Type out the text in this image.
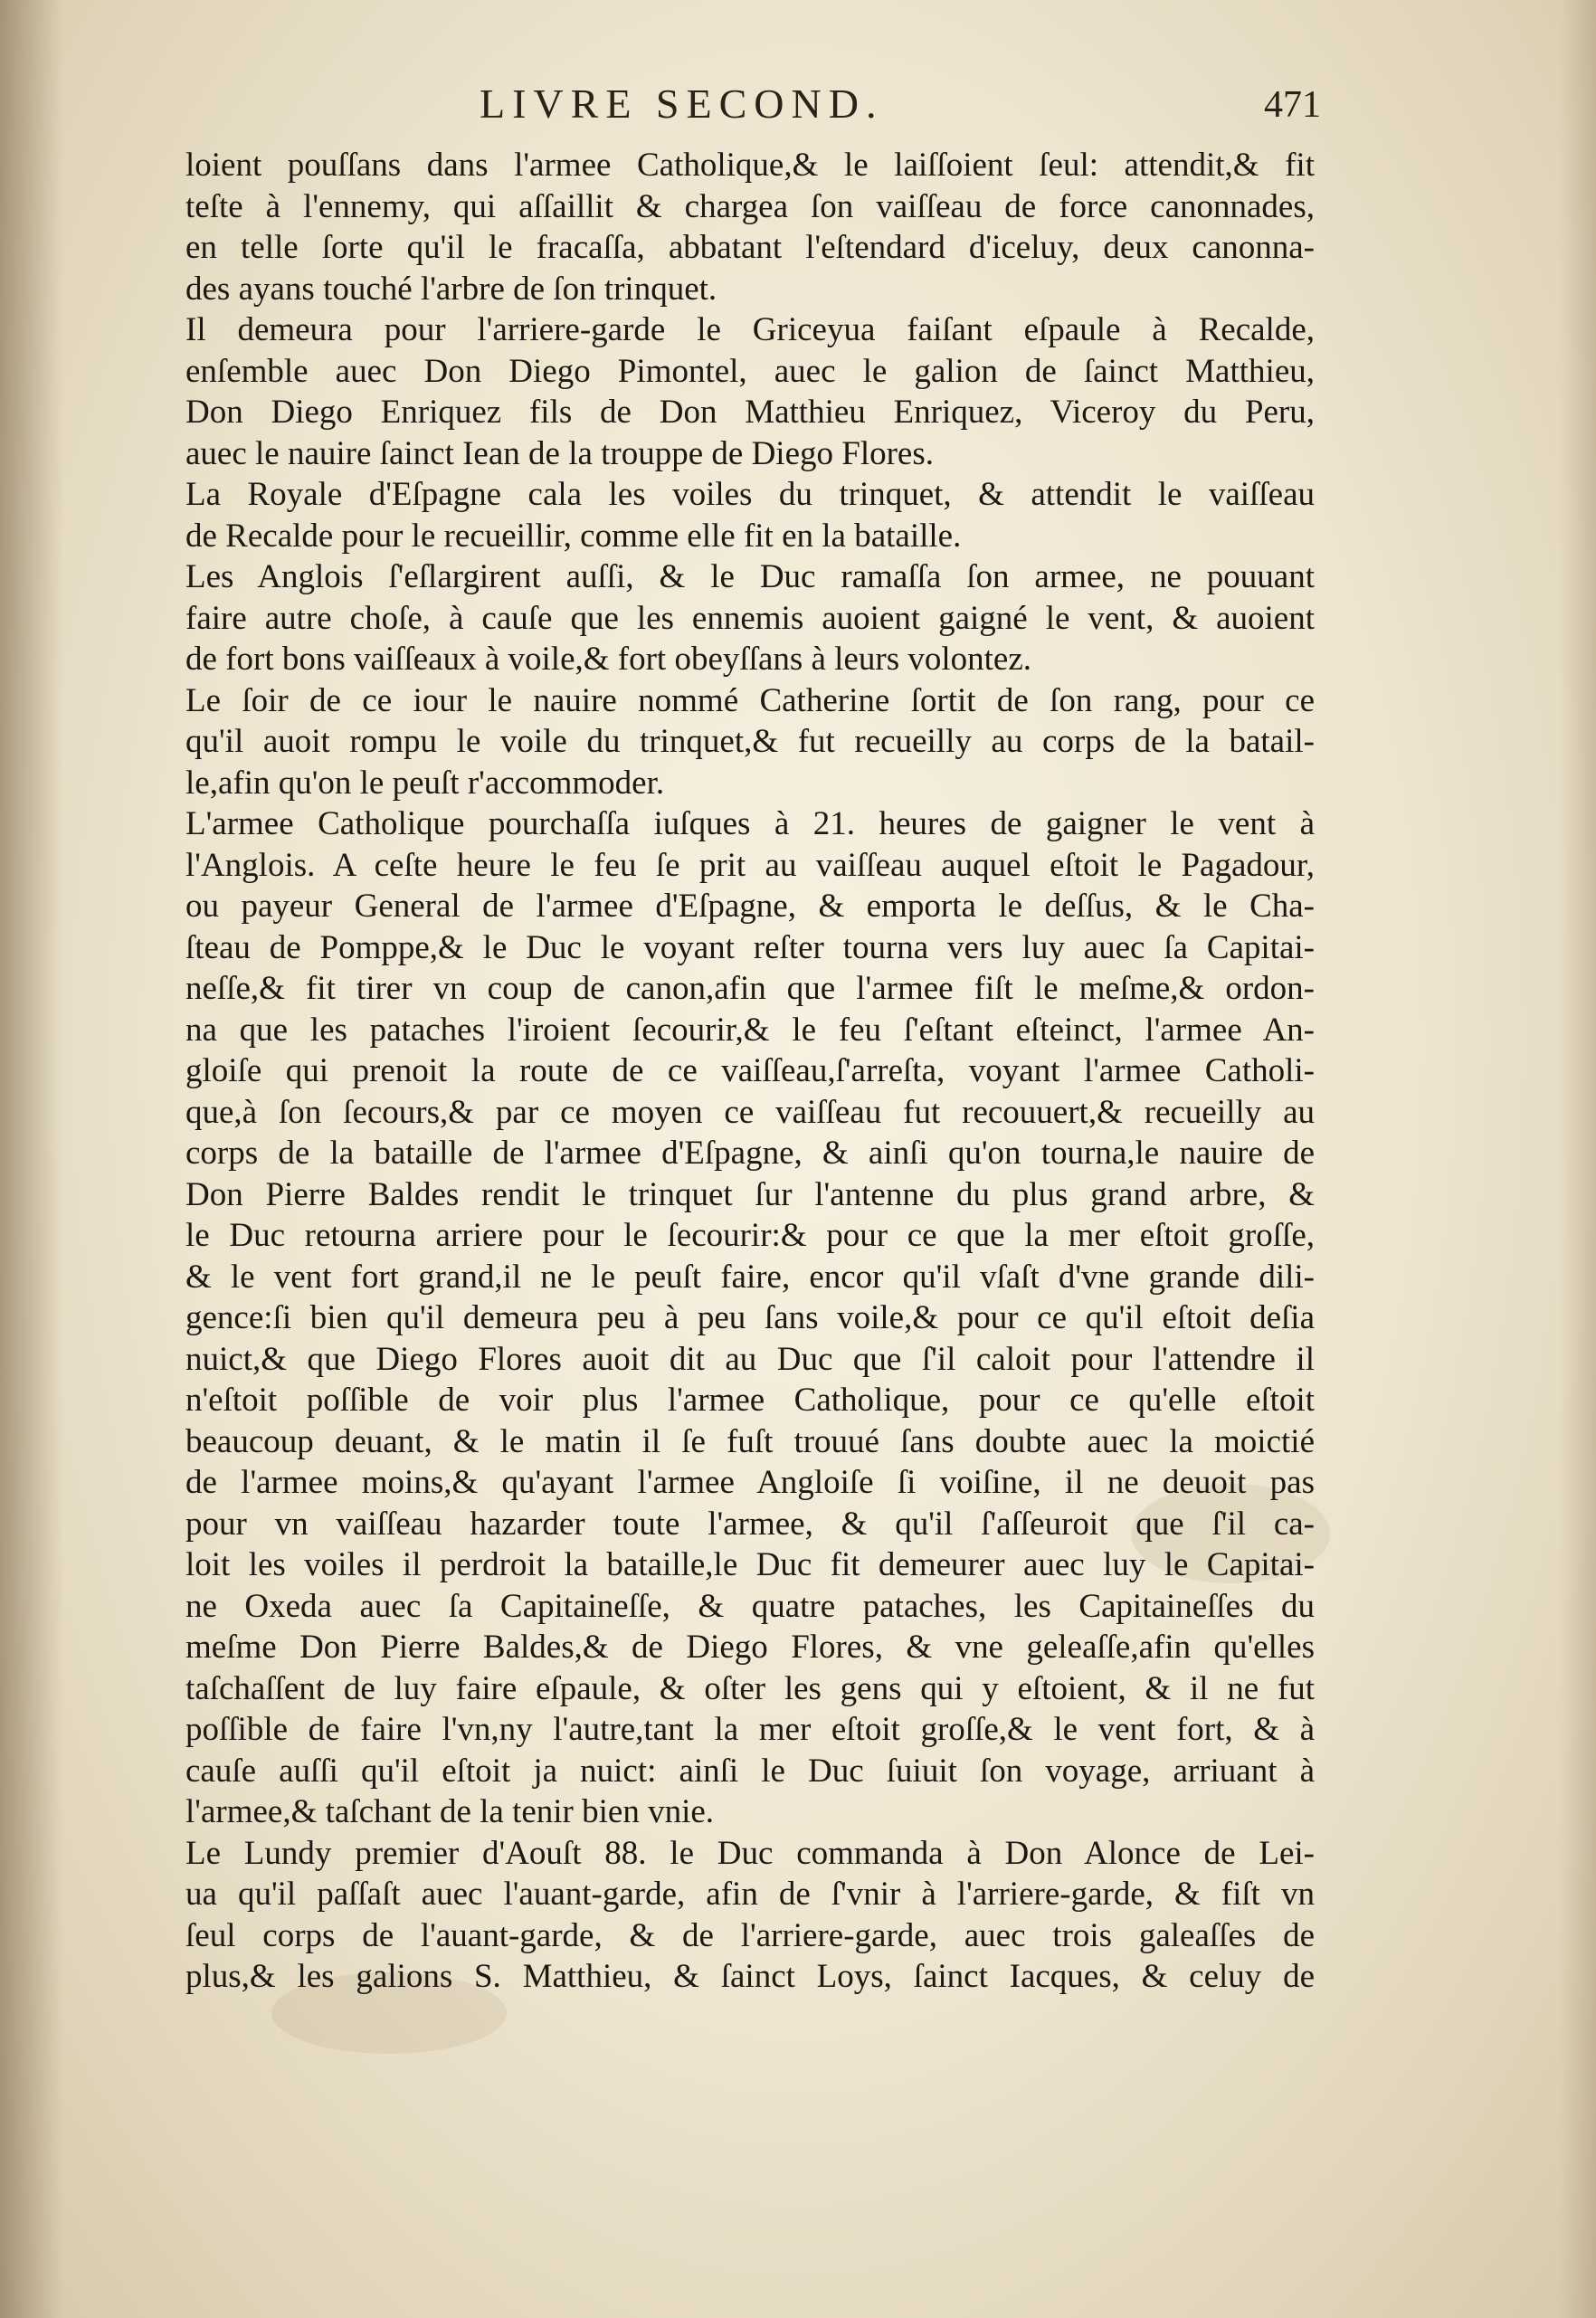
LIVRE SECOND.	471
loient pouſſans dans l'armee Catholique,& le laiſſoient ſeul: attendit,& fit
teſte à l'ennemy, qui aſſaillit & chargea ſon vaiſſeau de force canonnades,
en telle ſorte qu'il le fracaſſa, abbatant l'eſtendard d'iceluy, deux canonna-
des ayans touché l'arbre de ſon trinquet.
Il demeura pour l'arriere-garde le Griceyua faiſant eſpaule à Recalde,
enſemble auec Don Diego Pimontel, auec le galion de ſainct Matthieu,
Don Diego Enriquez fils de Don Matthieu Enriquez, Viceroy du Peru,
auec le nauire ſainct Iean de la trouppe de Diego Flores.
La Royale d'Eſpagne cala les voiles du trinquet, & attendit le vaiſſeau
de Recalde pour le recueillir, comme elle fit en la bataille.
Les Anglois ſ'eſlargirent auſſi, & le Duc ramaſſa ſon armee, ne pouuant
faire autre choſe, à cauſe que les ennemis auoient gaigné le vent, & auoient
de fort bons vaiſſeaux à voile,& fort obeyſſans à leurs volontez.
Le ſoir de ce iour le nauire nommé Catherine ſortit de ſon rang, pour ce
qu'il auoit rompu le voile du trinquet,& fut recueilly au corps de la batail-
le,afin qu'on le peuſt r'accommoder.
L'armee Catholique pourchaſſa iuſques à 21. heures de gaigner le vent à
l'Anglois. A ceſte heure le feu ſe prit au vaiſſeau auquel eſtoit le Pagadour,
ou payeur General de l'armee d'Eſpagne, & emporta le deſſus, & le Cha-
ſteau de Pomppe,& le Duc le voyant reſter tourna vers luy auec ſa Capitai-
neſſe,& fit tirer vn coup de canon,afin que l'armee fiſt le meſme,& ordon-
na que les pataches l'iroient ſecourir,& le feu ſ'eſtant eſteinct, l'armee An-
gloiſe qui prenoit la route de ce vaiſſeau,ſ'arreſta, voyant l'armee Catholi-
que,à ſon ſecours,& par ce moyen ce vaiſſeau fut recouuert,& recueilly au
corps de la bataille de l'armee d'Eſpagne, & ainſi qu'on tourna,le nauire de
Don Pierre Baldes rendit le trinquet ſur l'antenne du plus grand arbre, &
le Duc retourna arriere pour le ſecourir:& pour ce que la mer eſtoit groſſe,
& le vent fort grand,il ne le peuſt faire, encor qu'il vſaſt d'vne grande dili-
gence:ſi bien qu'il demeura peu à peu ſans voile,& pour ce qu'il eſtoit deſia
nuict,& que Diego Flores auoit dit au Duc que ſ'il caloit pour l'attendre il
n'eſtoit poſſible de voir plus l'armee Catholique, pour ce qu'elle eſtoit
beaucoup deuant, & le matin il ſe fuſt trouué ſans doubte auec la moictié
de l'armee moins,& qu'ayant l'armee Angloiſe ſi voiſine, il ne deuoit pas
pour vn vaiſſeau hazarder toute l'armee, & qu'il ſ'aſſeuroit que ſ'il ca-
loit les voiles il perdroit la bataille,le Duc fit demeurer auec luy le Capitai-
ne Oxeda auec ſa Capitaineſſe, & quatre pataches, les Capitaineſſes du
meſme Don Pierre Baldes,& de Diego Flores, & vne geleaſſe,afin qu'elles
taſchaſſent de luy faire eſpaule, & oſter les gens qui y eſtoient, & il ne fut
poſſible de faire l'vn,ny l'autre,tant la mer eſtoit groſſe,& le vent fort, & à
cauſe auſſi qu'il eſtoit ja nuict: ainſi le Duc ſuiuit ſon voyage, arriuant à
l'armee,& taſchant de la tenir bien vnie.
Le Lundy premier d'Aouſt 88. le Duc commanda à Don Alonce de Lei-
ua qu'il paſſaſt auec l'auant-garde, afin de ſ'vnir à l'arriere-garde, & fiſt vn
ſeul corps de l'auant-garde, & de l'arriere-garde, auec trois galeaſſes de
plus,& les galions S. Matthieu, & ſainct Loys, ſainct Iacques, & celuy de
